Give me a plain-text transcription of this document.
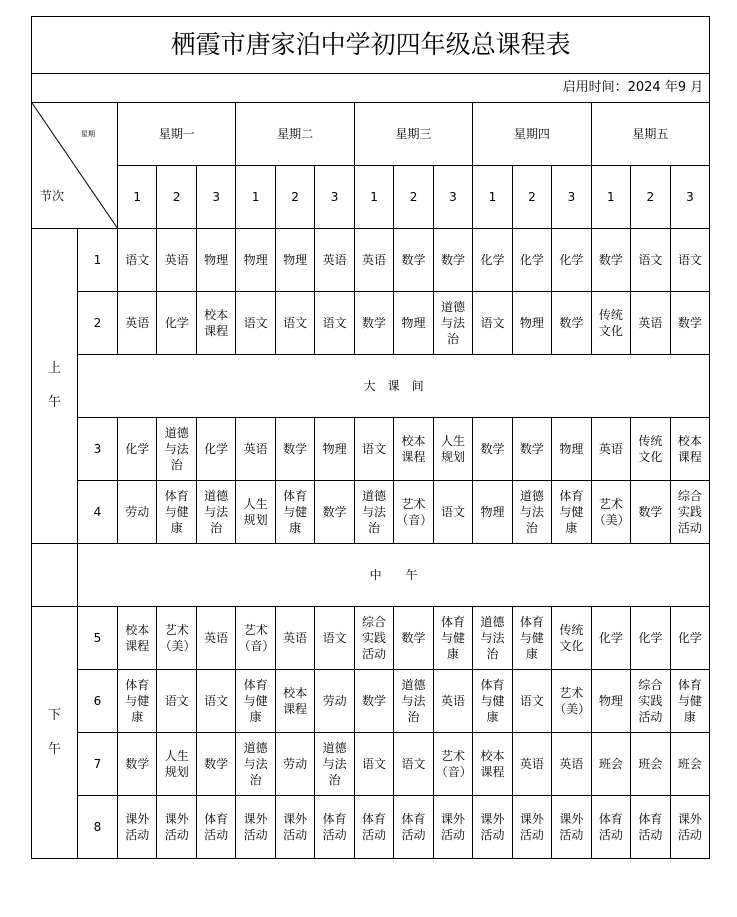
栖霞市唐家泊中学初四年级总课程表																
启用时间：2024 年9 月																

星期
节次		星期一			星期二			星期三			星期四			星期五		
		1	2	3	1	2	3	1	2	3	1	2	3	1	2	3

上
午	1	语文	英语	物理	物理	物理	英语	英语	数学	数学	化学	化学	化学	数学	语文	语文
	2	英语	化学	校本课程	语文	语文	语文	数学	物理	道德与法治	语文	物理	数学	传统文化	英语	数学
	大　课　间															
	3	化学	道德与法治	化学	英语	数学	物理	语文	校本课程	人生规划	数学	数学	物理	英语	传统文化	校本课程
	4	劳动	体育与健康	道德与法治	人生规划	体育与健康	数学	道德与法治	艺术（音）	语文	物理	道德与法治	体育与健康	艺术（美）	数学	综合实践活动
	中　　午															

下
午	5	校本课程	艺术（美）	英语	艺术（音）	英语	语文	综合实践活动	数学	体育与健康	道德与法治	体育与健康	传统文化	化学	化学	化学
	6	体育与健康	语文	语文	体育与健康	校本课程	劳动	数学	道德与法治	英语	体育与健康	语文	艺术（美）	物理	综合实践活动	体育与健康
	7	数学	人生规划	数学	道德与法治	劳动	道德与法治	语文	语文	艺术（音）	校本课程	英语	英语	班会	班会	班会
	8	课外活动	课外活动	体育活动	课外活动	课外活动	体育活动	体育活动	体育活动	课外活动	课外活动	课外活动	课外活动	体育活动	体育活动	课外活动
